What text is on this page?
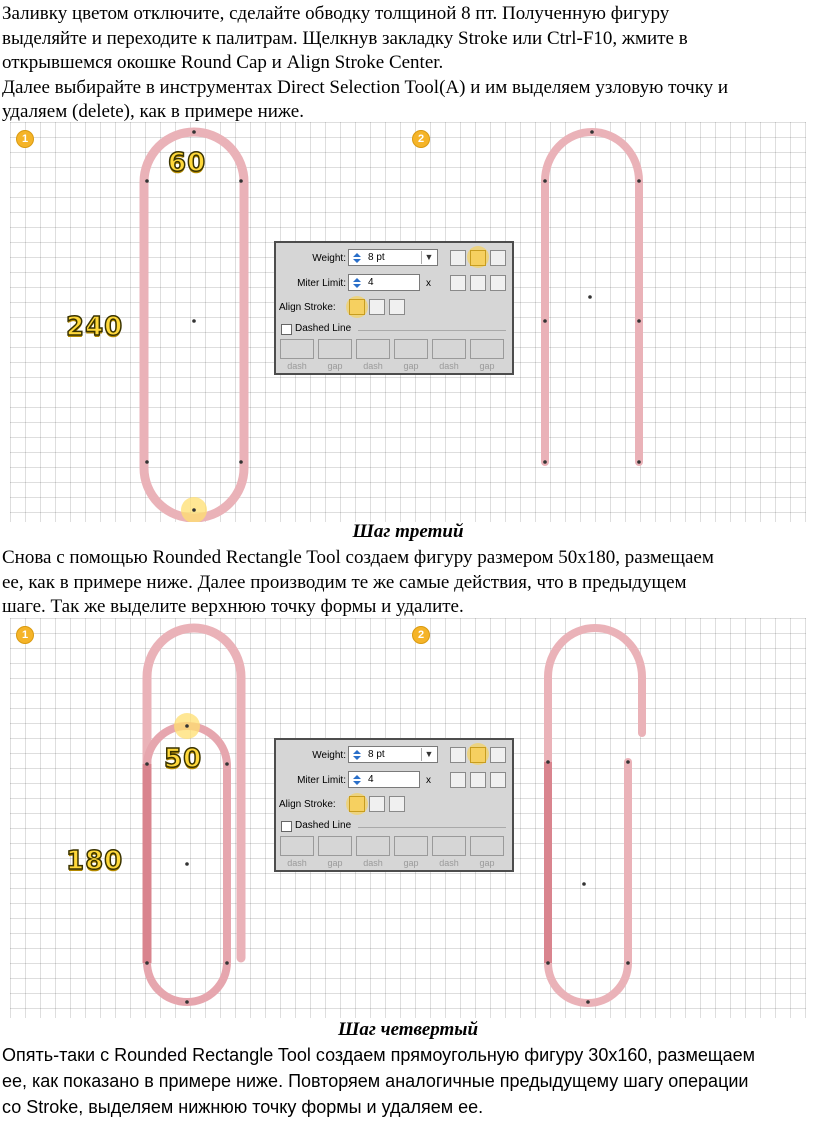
Заливку цветом отключите, сделайте обводку толщиной 8 пт. Полученную фигуру
выделяйте и переходите к палитрам. Щелкнув закладку Stroke или Ctrl-F10, жмите в
открывшемся окошке Round Cap и Align Stroke Center.
Далее выбирайте в инструментах Direct Selection Tool(A) и им выделяем узловую точку и
удаляем (delete), как в примере ниже.
1	2
60
240
Weight:	8 pt	▼
Miter Limit:	4	x
Align Stroke:
Dashed Line
dash	gap	dash	gap	dash	gap
Шаг третий
Снова с помощью Rounded Rectangle Tool создаем фигуру размером 50х180, размещаем
ее, как в примере ниже. Далее производим те же самые действия, что в предыдущем
шаге. Так же выделите верхнюю точку формы и удалите.
1	2
50
180
Weight:	8 pt	▼
Miter Limit:	4	x
Align Stroke:
Dashed Line
dash	gap	dash	gap	dash	gap
Шаг четвертый
Опять-таки с Rounded Rectangle Tool создаем прямоугольную фигуру 30х160, размещаем
ее, как показано в примере ниже. Повторяем аналогичные предыдущему шагу операции
со Stroke, выделяем нижнюю точку формы и удаляем ее.
